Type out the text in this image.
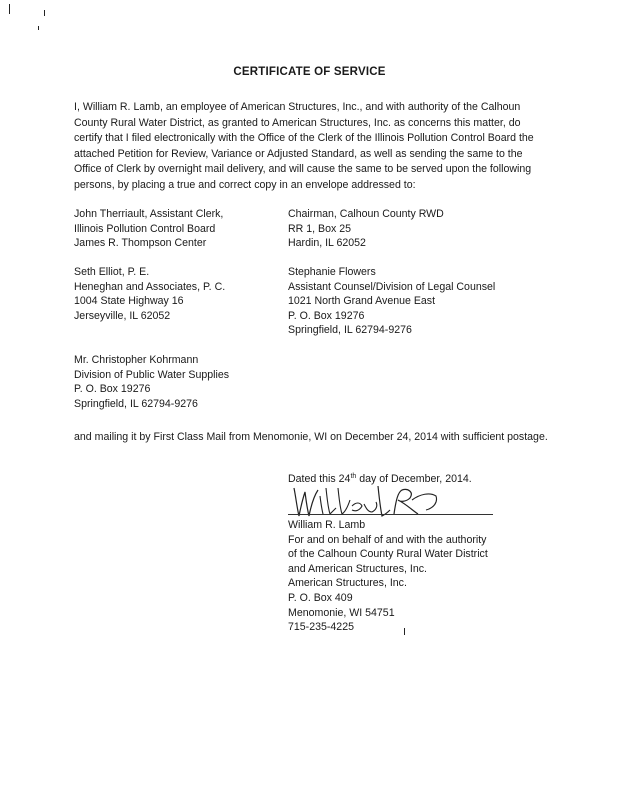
CERTIFICATE OF SERVICE

I, William R. Lamb, an employee of American Structures, Inc., and with authority of the Calhoun County Rural Water District, as granted to American Structures, Inc. as concerns this matter, do certify that I filed electronically with the Office of the Clerk of the Illinois Pollution Control Board the attached Petition for Review, Variance or Adjusted Standard, as well as sending the same to the Office of Clerk by overnight mail delivery, and will cause the same to be served upon the following persons, by placing a true and correct copy in an envelope addressed to:

John Therriault, Assistant Clerk,
Illinois Pollution Control Board
James R. Thompson Center
Chairman, Calhoun County RWD
RR 1, Box 25
Hardin, IL 62052
Seth Elliot, P. E.
Heneghan and Associates, P. C.
1004 State Highway 16
Jerseyville, IL 62052
Stephanie Flowers
Assistant Counsel/Division of Legal Counsel
1021 North Grand Avenue East
P. O. Box 19276
Springfield, IL 62794-9276
Mr. Christopher Kohrmann
Division of Public Water Supplies
P. O. Box 19276
Springfield, IL 62794-9276

and mailing it by First Class Mail from Menomonie, WI on December 24, 2014 with sufficient postage.

Dated this 24th day of December, 2014.
William R. Lamb
For and on behalf of and with the authority
of the Calhoun County Rural Water District
and American Structures, Inc.
American Structures, Inc.
P. O. Box 409
Menomonie, WI 54751
715-235-4225
